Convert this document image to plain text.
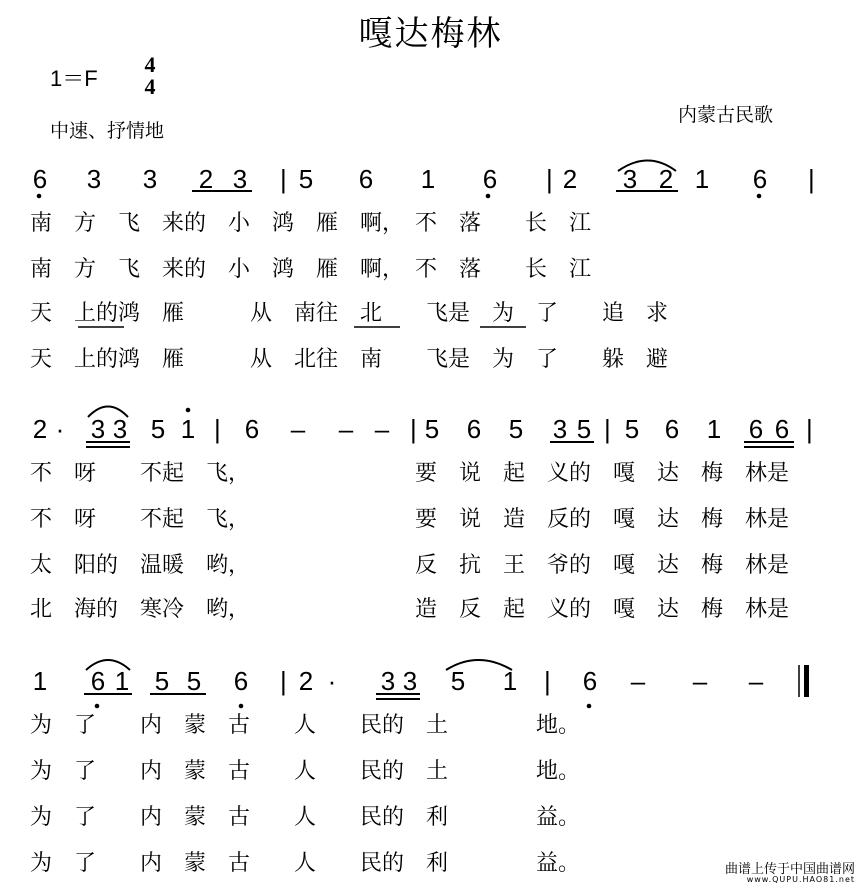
嘎达梅林
1＝F
4
4
中速、抒情地
内蒙古民歌
6 3 3 2 3 | 5 6 1 6 | 2 3 2 1 6 |
南　方　飞　来的　小　鸿　雁　啊，　不　落　　长　江
南　方　飞　来的　小　鸿　雁　啊，　不　落　　长　江
天　上的鸿　雁　　　从　南往　北　　飞是　为　了　　追　求
天　上的鸿　雁　　　从　北往　南　　飞是　为　了　　躲　避
2 ·	3 3 5 1 | 6 – – – | 5 6 5 3 5 | 5 6 1 6 6 |
不　呀　　不起　飞，　　　　　　　　要　说　起　义的　嘎　达　梅　林是
不　呀　　不起　飞，　　　　　　　　要　说　造　反的　嘎　达　梅　林是
太　阳的　温暖　哟，　　　　　　　　反　抗　王　爷的　嘎　达　梅　林是
北　海的　寒冷　哟，　　　　　　　　造　反　起　义的　嘎　达　梅　林是
1 6 1 5 5 6 | 2 ·	3 3 5 1 | 6 – – –
为　了　　内　蒙　古　　人　　民的　土　　　　地。
为　了　　内　蒙　古　　人　　民的　土　　　　地。
为　了　　内　蒙　古　　人　　民的　利　　　　益。
为　了　　内　蒙　古　　人　　民的　利　　　　益。	曲谱上传于中国曲谱网
www.QUPU.HAO81.net
